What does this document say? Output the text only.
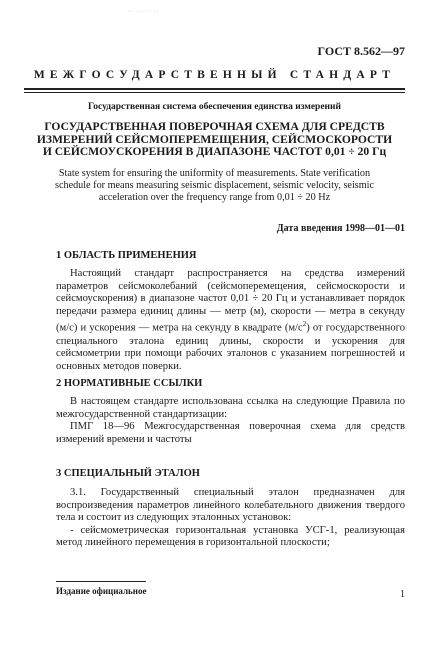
·· ·· ·· ··
ГОСТ 8.562—97
МЕЖГОСУДАРСТВЕННЫЙ СТАНДАРТ
Государственная система обеспечения единства измерений
ГОСУДАРСТВЕННАЯ ПОВЕРОЧНАЯ СХЕМА ДЛЯ СРЕДСТВ
ИЗМЕРЕНИЙ СЕЙСМОПЕРЕМЕЩЕНИЯ, СЕЙСМОСКОРОСТИ
И СЕЙСМОУСКОРЕНИЯ В ДИАПАЗОНЕ ЧАСТОТ 0,01 ÷ 20 Гц
State system for ensuring the uniformity of measurements. State verification
schedule for means measuring seismic displacement, seismic velocity, seismic
acceleration over the frequency range from 0,01 ÷ 20 Hz
Дата введения 1998—01—01
1 ОБЛАСТЬ ПРИМЕНЕНИЯ

Настоящий стандарт распространяется на средства измерений параметров сейсмоколебаний (сейсмоперемещения, сейсмоскорости и сейсмоускорения) в диапазоне частот 0,01 ÷ 20 Гц и устанавливает порядок передачи размера единиц длины — метр (м), скорости — метра в секунду (м/с) и ускорения — метра на секунду в квадрате $(м/с^2)$ от государственного специального эталона единиц длины, скорости и ускорения для сейсмометрии при помощи рабочих эталонов с указанием погрешностей и основных методов поверки.

2 НОРМАТИВНЫЕ ССЫЛКИ

В настоящем стандарте использована ссылка на следующие Правила по межгосударственной стандартизации:

ПМГ 18—96 Межгосударственная поверочная схема для средств измерений времени и частоты

3 СПЕЦИАЛЬНЫЙ ЭТАЛОН

3.1. Государственный специальный эталон предназначен для воспроизведения параметров линейного колебательного движения твердого тела и состоит из следующих эталонных установок:

- сейсмометрическая горизонтальная установка УСГ-1, реализующая метод линейного перемещения в горизонтальной плоскости;

Издание официальное	1
